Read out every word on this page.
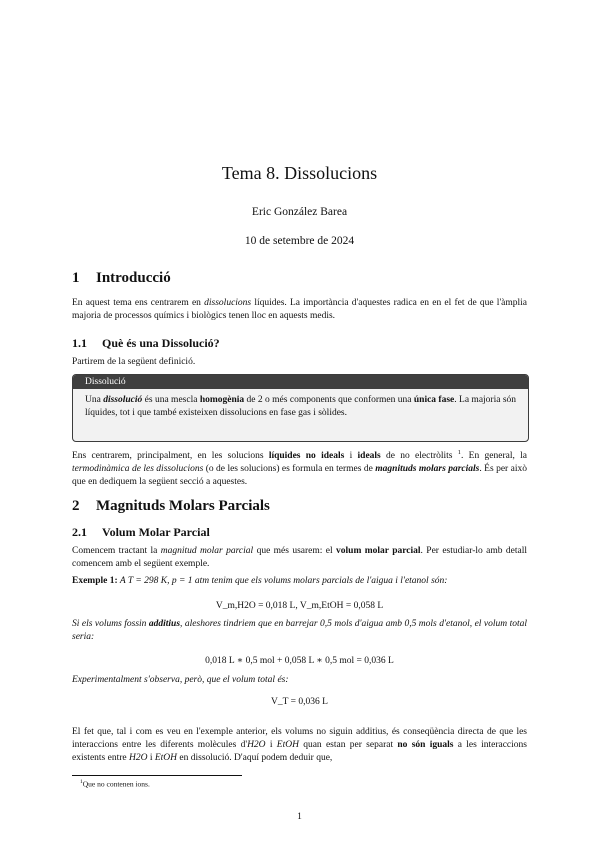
Tema 8. Dissolucions
Eric González Barea
10 de setembre de 2024
1 Introducció
En aquest tema ens centrarem en dissolucions líquides. La importància d'aquestes radica en en el fet de que l'àmplia majoria de processos químics i biològics tenen lloc en aquests medis.
1.1 Què és una Dissolució?
Partirem de la següent definició.
Dissolució
Una dissolució és una mescla homogènia de 2 o més components que conformen una única fase. La majoria són líquides, tot i que també existeixen dissolucions en fase gas i sòlides.
Ens centrarem, principalment, en les solucions líquides no ideals i ideals de no electròlits $^1$. En general, la termodinàmica de les dissolucions (o de les solucions) es formula en termes de magnituds molars parcials. És per això que en dediquem la següent secció a aquestes.
2 Magnituds Molars Parcials
2.1 Volum Molar Parcial
Comencem tractant la magnitud molar parcial que més usarem: el volum molar parcial. Per estudiar-lo amb detall comencem amb el següent exemple.
Exemple 1: A T = 298 K, p = 1 atm tenim que els volums molars parcials de l'aigua i l'etanol són:
V_m,H2O = 0,018 L, V_m,EtOH = 0,058 L
Si els volums fossin additius, aleshores tindriem que en barrejar 0,5 mols d'aigua amb 0,5 mols d'etanol, el volum total seria:
0,018 L ∗ 0,5 mol + 0,058 L ∗ 0,5 mol = 0,036 L
Experimentalment s'observa, però, que el volum total és:
V_T = 0,036 L
El fet que, tal i com es veu en l'exemple anterior, els volums no siguin additius, és conseqüència directa de que les interaccions entre les diferents molècules d'H2O i EtOH quan estan per separat no són iguals a les interaccions existents entre H2O i EtOH en dissolució. D'aquí podem deduir que,
$^1$Que no contenen ions.
1
